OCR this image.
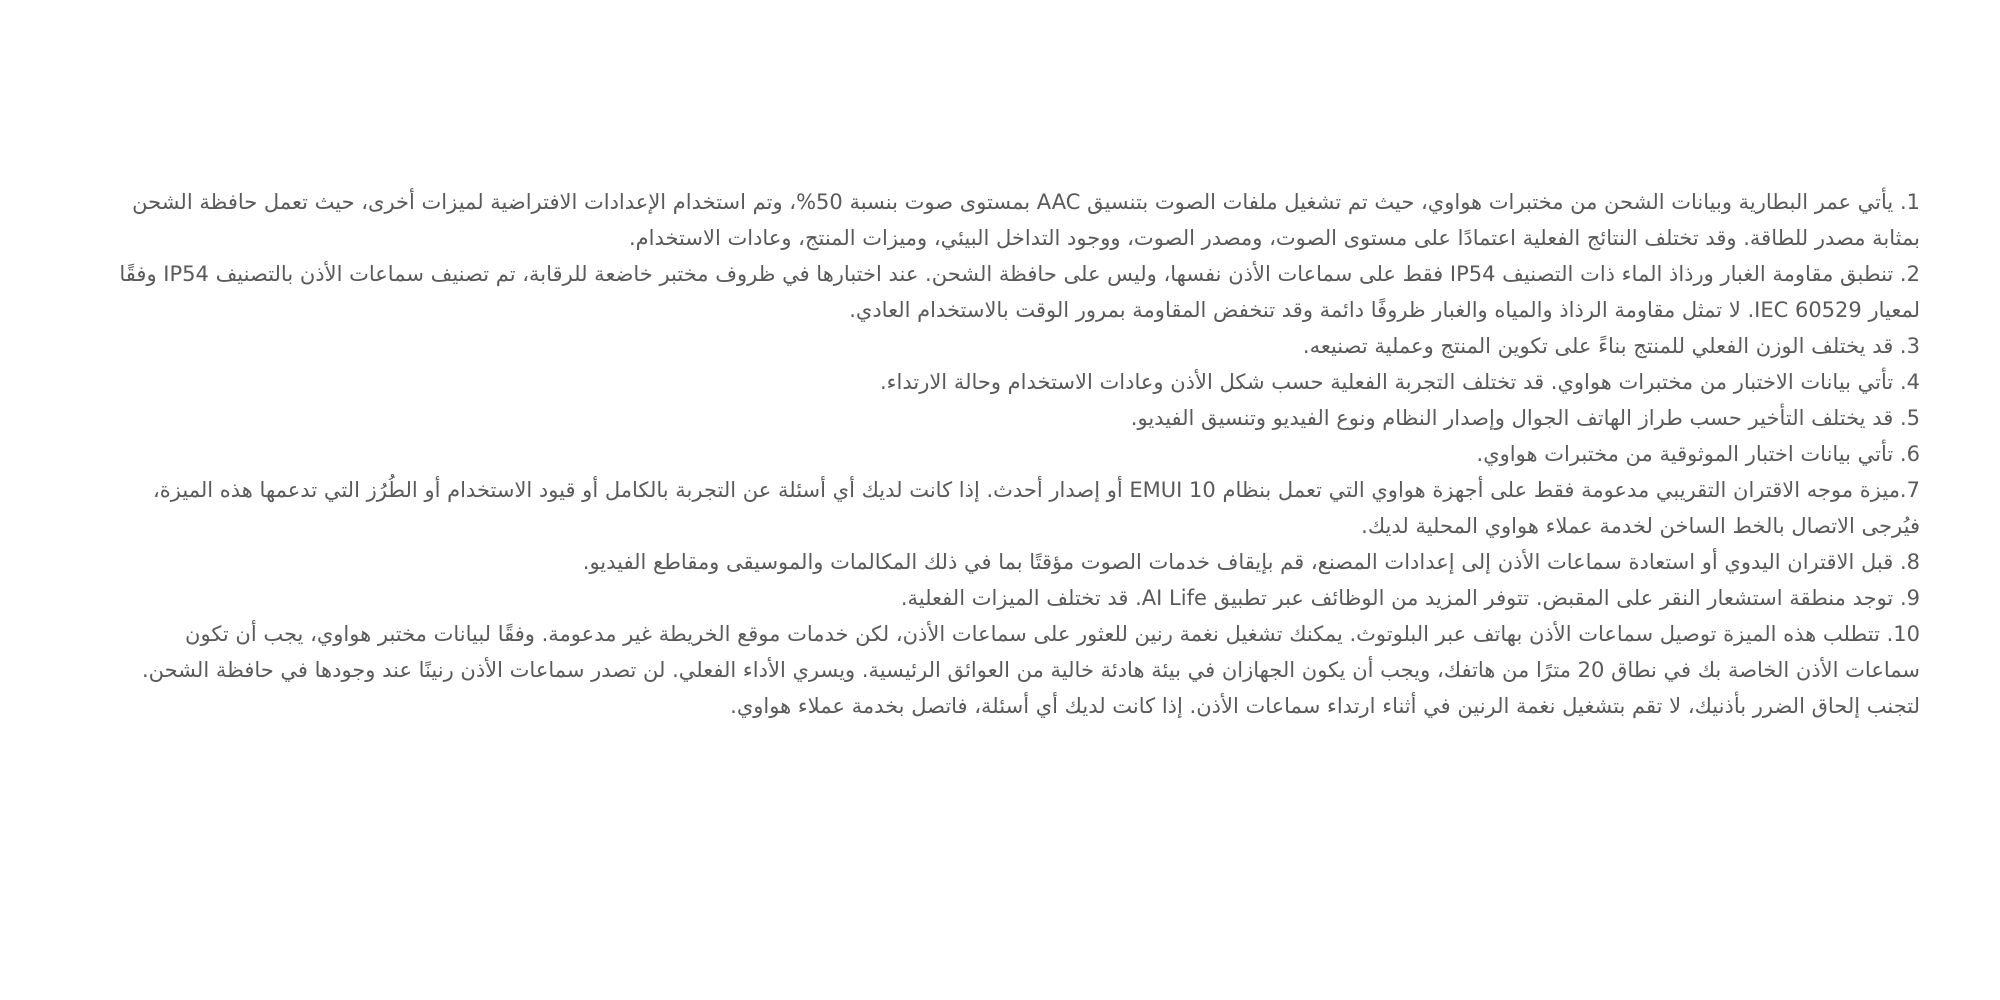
1. يأتي عمر البطارية وبيانات الشحن من مختبرات هواوي، حيث تم تشغيل ملفات الصوت بتنسيق AAC بمستوى صوت بنسبة 50%، وتم استخدام الإعدادات الافتراضية لميزات أخرى، حيث تعمل حافظة الشحن بمثابة مصدر للطاقة. وقد تختلف النتائج الفعلية اعتمادًا على مستوى الصوت، ومصدر الصوت، ووجود التداخل البيئي، وميزات المنتج، وعادات الاستخدام.

2. تنطبق مقاومة الغبار ورذاذ الماء ذات التصنيف IP54 فقط على سماعات الأذن نفسها، وليس على حافظة الشحن. عند اختبارها في ظروف مختبر خاضعة للرقابة، تم تصنيف سماعات الأذن بالتصنيف IP54 وفقًا لمعيار IEC 60529. لا تمثل مقاومة الرذاذ والمياه والغبار ظروفًا دائمة وقد تنخفض المقاومة بمرور الوقت بالاستخدام العادي.

3. قد يختلف الوزن الفعلي للمنتج بناءً على تكوين المنتج وعملية تصنيعه.

4. تأتي بيانات الاختبار من مختبرات هواوي. قد تختلف التجربة الفعلية حسب شكل الأذن وعادات الاستخدام وحالة الارتداء.

5. قد يختلف التأخير حسب طراز الهاتف الجوال وإصدار النظام ونوع الفيديو وتنسيق الفيديو.

6. تأتي بيانات اختبار الموثوقية من مختبرات هواوي.

7.ميزة موجه الاقتران التقريبي مدعومة فقط على أجهزة هواوي التي تعمل بنظام EMUI 10 أو إصدار أحدث. إذا كانت لديك أي أسئلة عن التجربة بالكامل أو قيود الاستخدام أو الطُرُز التي تدعمها هذه الميزة، فيُرجى الاتصال بالخط الساخن لخدمة عملاء هواوي المحلية لديك.

8. قبل الاقتران اليدوي أو استعادة سماعات الأذن إلى إعدادات المصنع، قم بإيقاف خدمات الصوت مؤقتًا بما في ذلك المكالمات والموسيقى ومقاطع الفيديو.

9. توجد منطقة استشعار النقر على المقبض. تتوفر المزيد من الوظائف عبر تطبيق AI Life. قد تختلف الميزات الفعلية.

10. تتطلب هذه الميزة توصيل سماعات الأذن بهاتف عبر البلوتوث. يمكنك تشغيل نغمة رنين للعثور على سماعات الأذن، لكن خدمات موقع الخريطة غير مدعومة. وفقًا لبيانات مختبر هواوي، يجب أن تكون سماعات الأذن الخاصة بك في نطاق 20 مترًا من هاتفك، ويجب أن يكون الجهازان في بيئة هادئة خالية من العوائق الرئيسية. ويسري الأداء الفعلي. لن تصدر سماعات الأذن رنينًا عند وجودها في حافظة الشحن. لتجنب إلحاق الضرر بأذنيك، لا تقم بتشغيل نغمة الرنين في أثناء ارتداء سماعات الأذن. إذا كانت لديك أي أسئلة، فاتصل بخدمة عملاء هواوي.
